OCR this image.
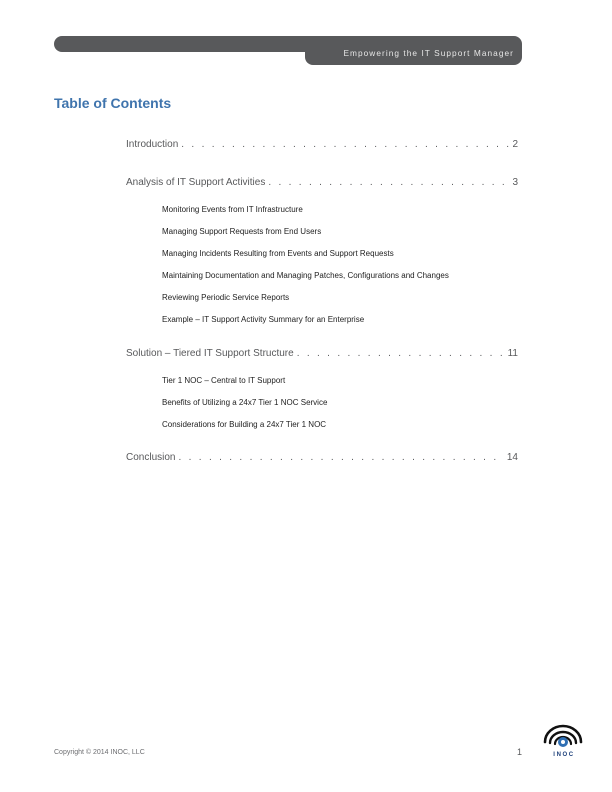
Empowering the IT Support Manager
Table of Contents
Introduction . . .	2
Analysis of IT Support Activities . . .	3
Monitoring Events from IT Infrastructure
Managing Support Requests from End Users
Managing Incidents Resulting from Events and Support Requests
Maintaining Documentation and Managing Patches, Configurations and Changes
Reviewing Periodic Service Reports
Example – IT Support Activity Summary for an Enterprise
Solution – Tiered IT Support Structure . . .	11
Tier 1 NOC – Central to IT Support
Benefits of Utilizing a 24x7 Tier 1 NOC Service
Considerations for Building a 24x7 Tier 1 NOC
Conclusion . . .	14
Copyright © 2014 INOC, LLC	1	INOC
